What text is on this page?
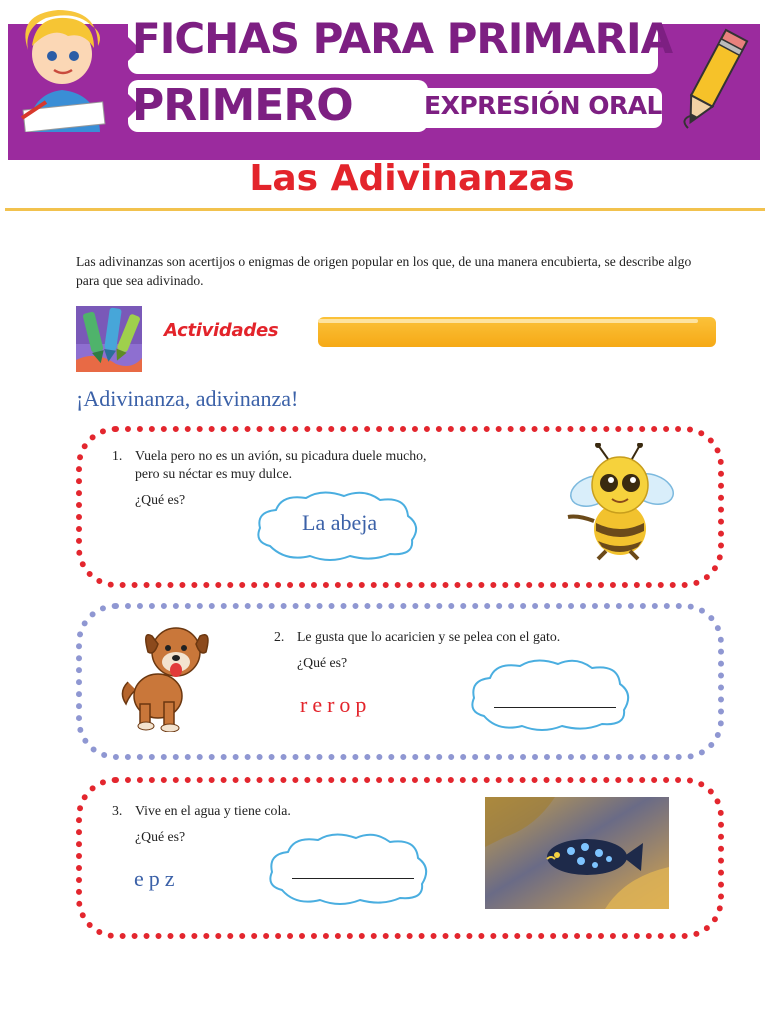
FICHAS PARA PRIMARIA
PRIMERO	EXPRESIÓN ORAL
Las Adivinanzas
Las adivinanzas son acertijos o enigmas de origen popular en los que, de una manera encubierta, se describe algo para que sea adivinado.
Actividades
¡Adivinanza, adivinanza!
1. Vuela pero no es un avión, su picadura duele mucho,
pero su néctar es muy dulce.
¿Qué es?
La abeja
2. Le gusta que lo acaricien y se pelea con el gato.
¿Qué es?
rerop
3. Vive en el agua y tiene cola.
¿Qué es?
epz
